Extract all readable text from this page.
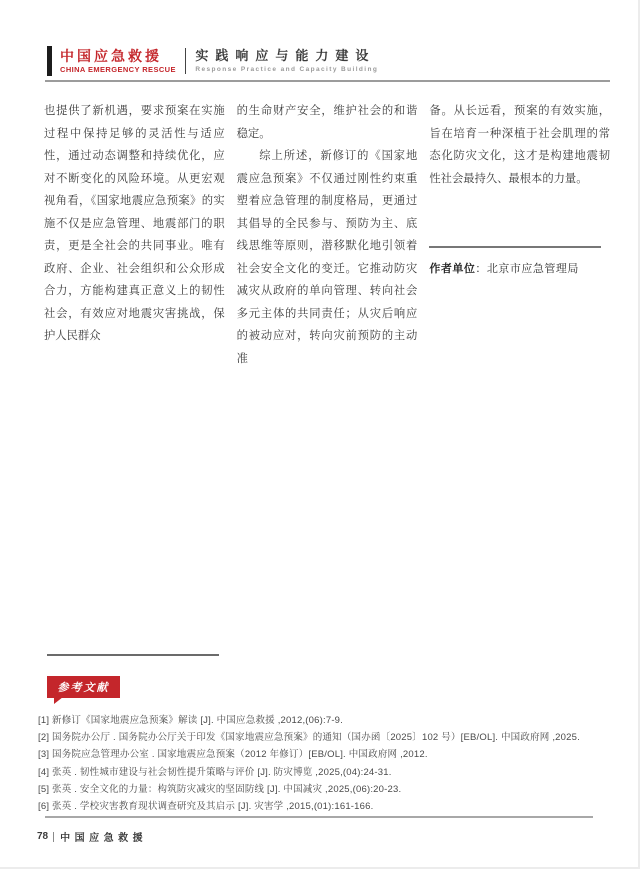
中国应急救援
CHINA EMERGENCY RESCUE
实践响应与能力建设
Response Practice and Capacity Building

也提供了新机遇，要求预案在实施过程中保持足够的灵活性与适应性，通过动态调整和持续优化，应对不断变化的风险环境。从更宏观视角看，《国家地震应急预案》的实施不仅是应急管理、地震部门的职责，更是全社会的共同事业。唯有政府、企业、社会组织和公众形成合力，方能构建真正意义上的韧性社会，有效应对地震灾害挑战，保护人民群众

的生命财产安全，维护社会的和谐稳定。

综上所述，新修订的《国家地震应急预案》不仅通过刚性约束重塑着应急管理的制度格局，更通过其倡导的全民参与、预防为主、底线思维等原则，潜移默化地引领着社会安全文化的变迁。它推动防灾减灾从政府的单向管理、转向社会多元主体的共同责任；从灾后响应的被动应对，转向灾前预防的主动准

备。从长远看，预案的有效实施，旨在培育一种深植于社会肌理的常态化防灾文化，这才是构建地震韧性社会最持久、最根本的力量。

作者单位：北京市应急管理局

参考文献
[1] 新修订《国家地震应急预案》解读 [J]. 中国应急救援 ,2012,(06):7-9.
[2] 国务院办公厅 . 国务院办公厅关于印发《国家地震应急预案》的通知（国办函〔2025〕102 号）[EB/OL]. 中国政府网 ,2025.
[3] 国务院应急管理办公室 . 国家地震应急预案（2012 年修订）[EB/OL]. 中国政府网 ,2012.
[4] 张英 . 韧性城市建设与社会韧性提升策略与评价 [J]. 防灾博览 ,2025,(04):24-31.
[5] 张英 . 安全文化的力量：构筑防灾减灾的坚固防线 [J]. 中国减灾 ,2025,(06):20-23.
[6] 张英 . 学校灾害教育现状调查研究及其启示 [J]. 灾害学 ,2015,(01):161-166.
78 中国应急救援
